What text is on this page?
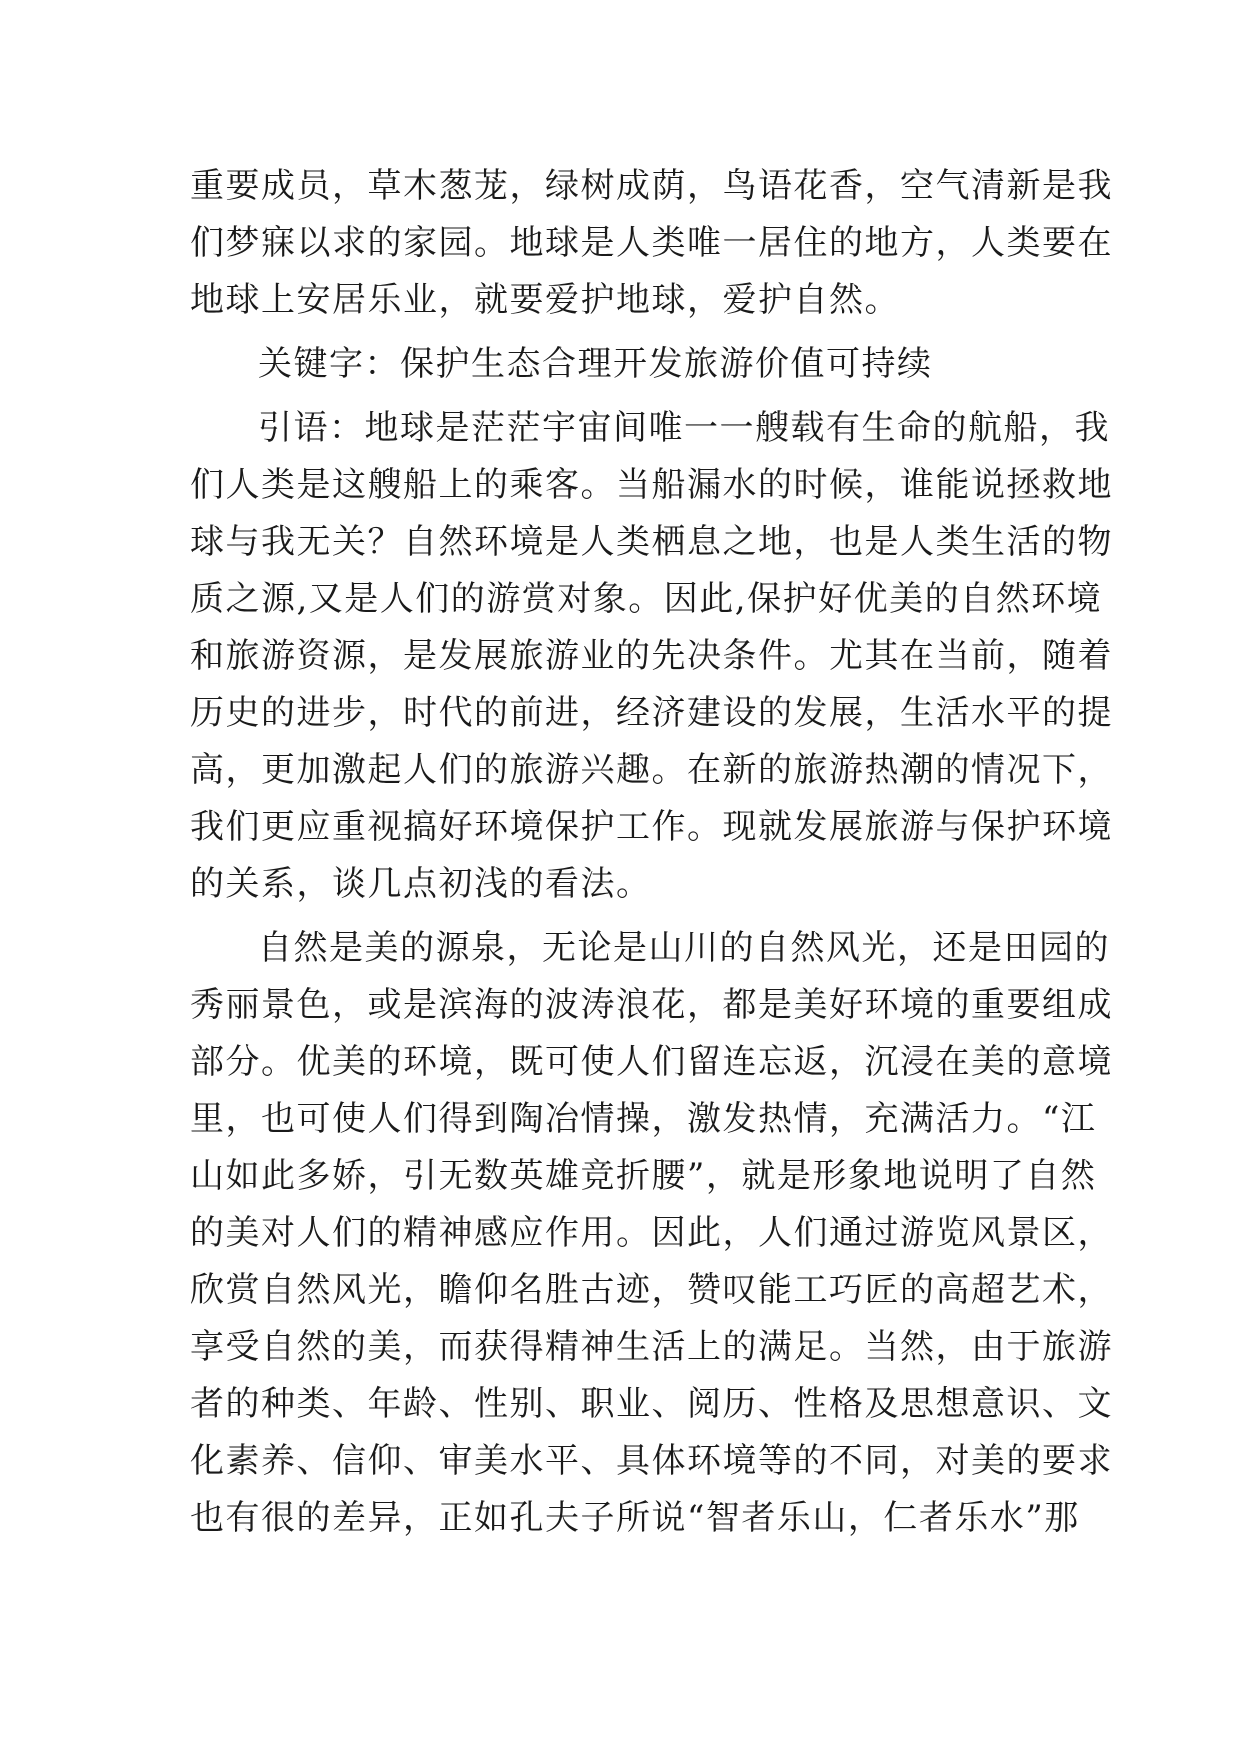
重要成员，草木葱茏，绿树成荫，鸟语花香，空气清新是我
们梦寐以求的家园。地球是人类唯一居住的地方，人类要在
地球上安居乐业，就要爱护地球，爱护自然。
关键字：保护生态合理开发旅游价值可持续
引语：地球是茫茫宇宙间唯一一艘载有生命的航船，我
们人类是这艘船上的乘客。当船漏水的时候，谁能说拯救地
球与我无关？自然环境是人类栖息之地，也是人类生活的物
质之源,又是人们的游赏对象。因此,保护好优美的自然环境
和旅游资源，是发展旅游业的先决条件。尤其在当前，随着
历史的进步，时代的前进，经济建设的发展，生活水平的提
高，更加激起人们的旅游兴趣。在新的旅游热潮的情况下，
我们更应重视搞好环境保护工作。现就发展旅游与保护环境
的关系，谈几点初浅的看法。
自然是美的源泉，无论是山川的自然风光，还是田园的
秀丽景色，或是滨海的波涛浪花，都是美好环境的重要组成
部分。优美的环境，既可使人们留连忘返，沉浸在美的意境
里，也可使人们得到陶冶情操，激发热情，充满活力。“江
山如此多娇，引无数英雄竞折腰”，就是形象地说明了自然
的美对人们的精神感应作用。因此，人们通过游览风景区，
欣赏自然风光，瞻仰名胜古迹，赞叹能工巧匠的高超艺术，
享受自然的美，而获得精神生活上的满足。当然，由于旅游
者的种类、年龄、性别、职业、阅历、性格及思想意识、文
化素养、信仰、审美水平、具体环境等的不同，对美的要求
也有很的差异，正如孔夫子所说“智者乐山，仁者乐水”那
